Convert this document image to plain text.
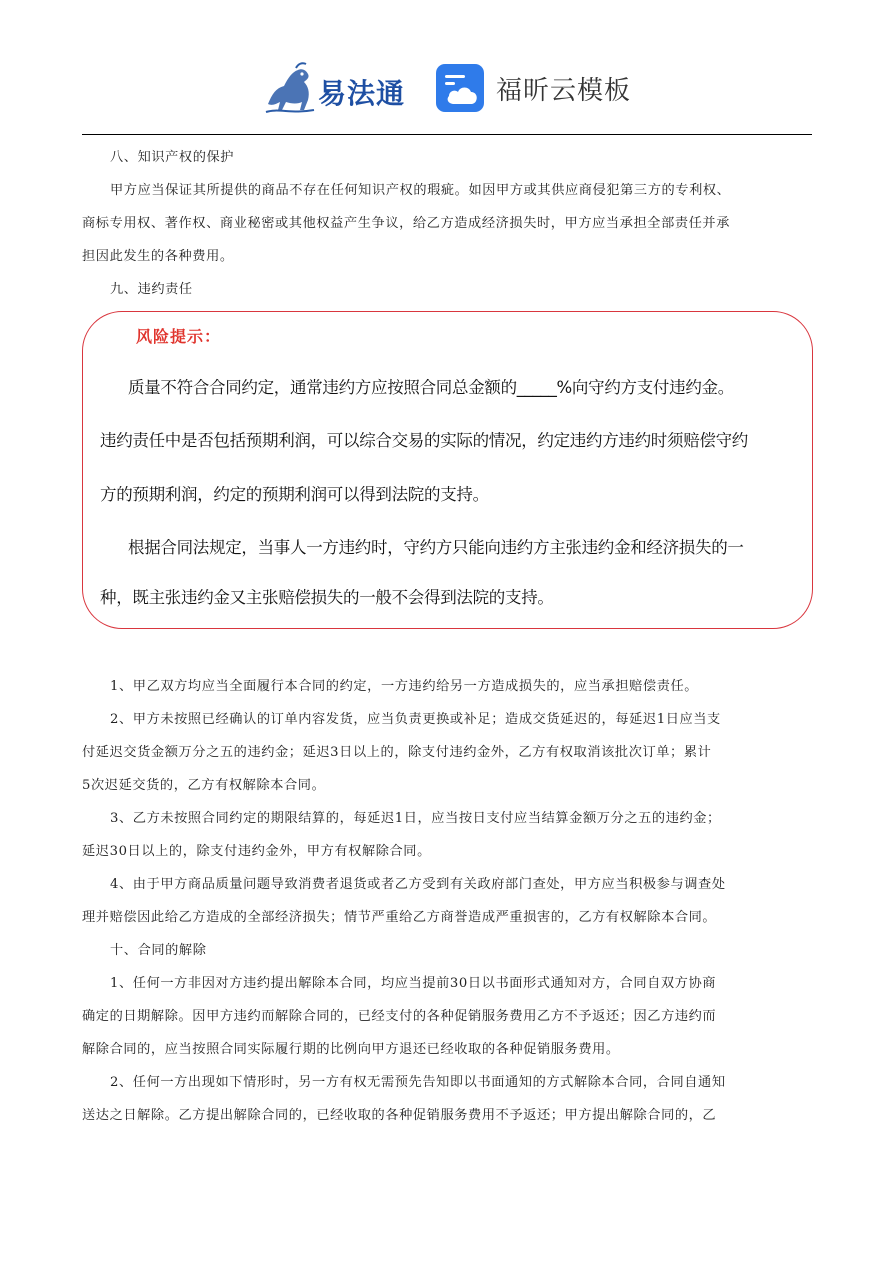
易法通	福昕云模板
八、知识产权的保护
甲方应当保证其所提供的商品不存在任何知识产权的瑕疵。如因甲方或其供应商侵犯第三方的专利权、
商标专用权、著作权、商业秘密或其他权益产生争议，给乙方造成经济损失时，甲方应当承担全部责任并承
担因此发生的各种费用。
九、违约责任
风险提示：
质量不符合合同约定，通常违约方应按照合同总金额的_____%向守约方支付违约金。
违约责任中是否包括预期利润，可以综合交易的实际的情况，约定违约方违约时须赔偿守约
方的预期利润，约定的预期利润可以得到法院的支持。
根据合同法规定，当事人一方违约时，守约方只能向违约方主张违约金和经济损失的一
种，既主张违约金又主张赔偿损失的一般不会得到法院的支持。
1、甲乙双方均应当全面履行本合同的约定，一方违约给另一方造成损失的，应当承担赔偿责任。
2、甲方未按照已经确认的订单内容发货，应当负责更换或补足；造成交货延迟的，每延迟1日应当支
付延迟交货金额万分之五的违约金；延迟3日以上的，除支付违约金外，乙方有权取消该批次订单；累计
5次迟延交货的，乙方有权解除本合同。
3、乙方未按照合同约定的期限结算的，每延迟1日，应当按日支付应当结算金额万分之五的违约金；
延迟30日以上的，除支付违约金外，甲方有权解除合同。
4、由于甲方商品质量问题导致消费者退货或者乙方受到有关政府部门查处，甲方应当积极参与调查处
理并赔偿因此给乙方造成的全部经济损失；情节严重给乙方商誉造成严重损害的，乙方有权解除本合同。
十、合同的解除
1、任何一方非因对方违约提出解除本合同，均应当提前30日以书面形式通知对方，合同自双方协商
确定的日期解除。因甲方违约而解除合同的，已经支付的各种促销服务费用乙方不予返还；因乙方违约而
解除合同的，应当按照合同实际履行期的比例向甲方退还已经收取的各种促销服务费用。
2、任何一方出现如下情形时，另一方有权无需预先告知即以书面通知的方式解除本合同，合同自通知
送达之日解除。乙方提出解除合同的，已经收取的各种促销服务费用不予返还；甲方提出解除合同的，乙
